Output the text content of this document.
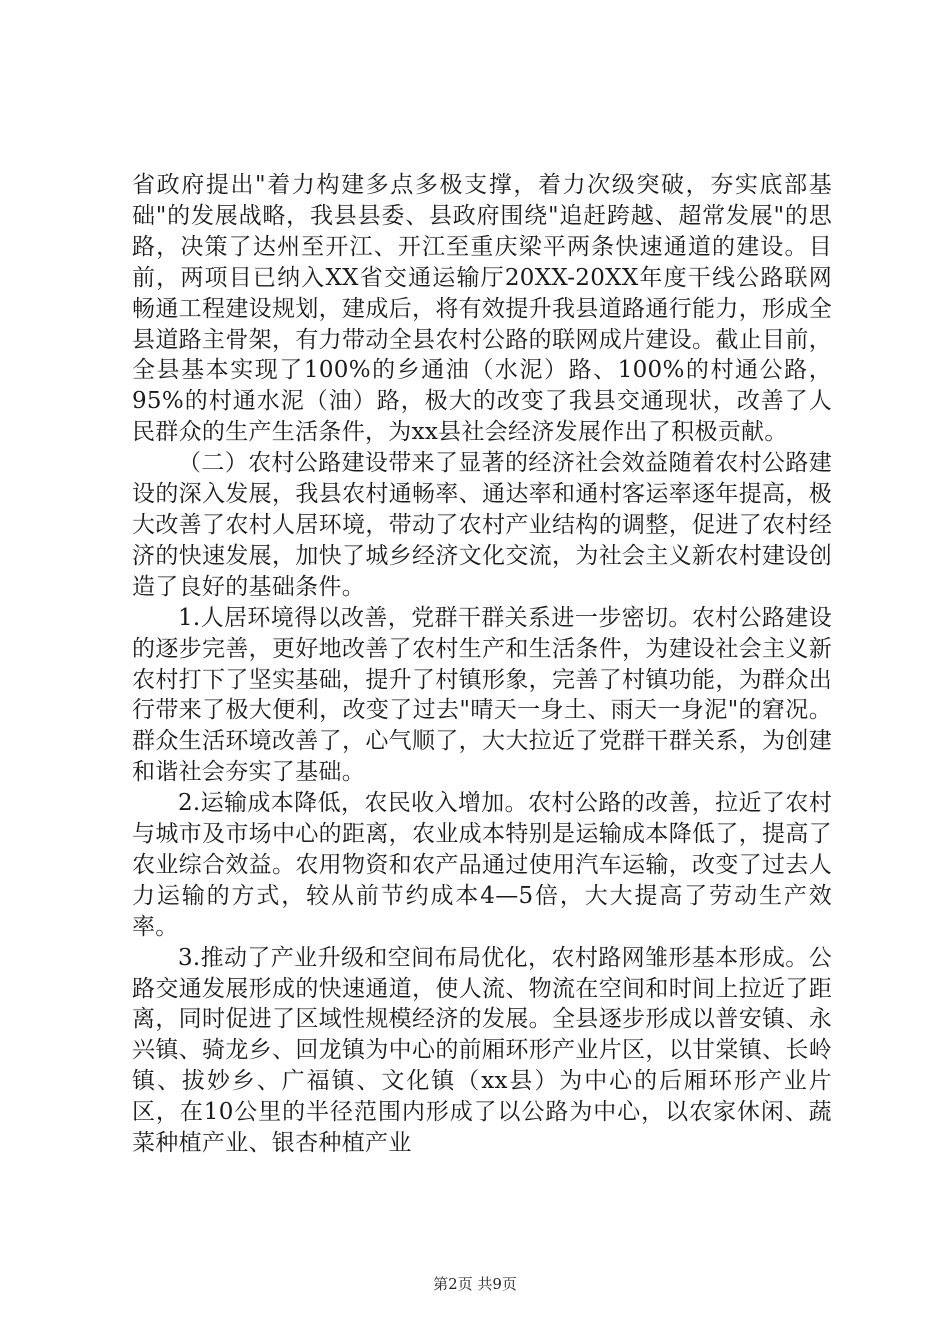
省政府提出"着力构建多点多极支撑，着力次级突破，夯实底部基础"的发展战略，我县县委、县政府围绕"追赶跨越、超常发展"的思路，决策了达州至开江、开江至重庆梁平两条快速通道的建设。目前，两项目已纳入XX省交通运输厅20XX-20XX年度干线公路联网畅通工程建设规划，建成后，将有效提升我县道路通行能力，形成全县道路主骨架，有力带动全县农村公路的联网成片建设。截止目前，全县基本实现了100%的乡通油（水泥）路、100%的村通公路，95%的村通水泥（油）路，极大的改变了我县交通现状，改善了人民群众的生产生活条件，为xx县社会经济发展作出了积极贡献。

（二）农村公路建设带来了显著的经济社会效益随着农村公路建设的深入发展，我县农村通畅率、通达率和通村客运率逐年提高，极大改善了农村人居环境，带动了农村产业结构的调整，促进了农村经济的快速发展，加快了城乡经济文化交流，为社会主义新农村建设创造了良好的基础条件。

1.人居环境得以改善，党群干群关系进一步密切。农村公路建设的逐步完善，更好地改善了农村生产和生活条件，为建设社会主义新农村打下了坚实基础，提升了村镇形象，完善了村镇功能，为群众出行带来了极大便利，改变了过去"晴天一身土、雨天一身泥"的窘况。群众生活环境改善了，心气顺了，大大拉近了党群干群关系，为创建和谐社会夯实了基础。

2.运输成本降低，农民收入增加。农村公路的改善，拉近了农村与城市及市场中心的距离，农业成本特别是运输成本降低了，提高了农业综合效益。农用物资和农产品通过使用汽车运输，改变了过去人力运输的方式，较从前节约成本4—5倍，大大提高了劳动生产效率。

3.推动了产业升级和空间布局优化，农村路网雏形基本形成。公路交通发展形成的快速通道，使人流、物流在空间和时间上拉近了距离，同时促进了区域性规模经济的发展。全县逐步形成以普安镇、永兴镇、骑龙乡、回龙镇为中心的前厢环形产业片区，以甘棠镇、长岭镇、拔妙乡、广福镇、文化镇（xx县）为中心的后厢环形产业片区，在10公里的半径范围内形成了以公路为中心，以农家休闲、蔬菜种植产业、银杏种植产业

第2页 共9页
